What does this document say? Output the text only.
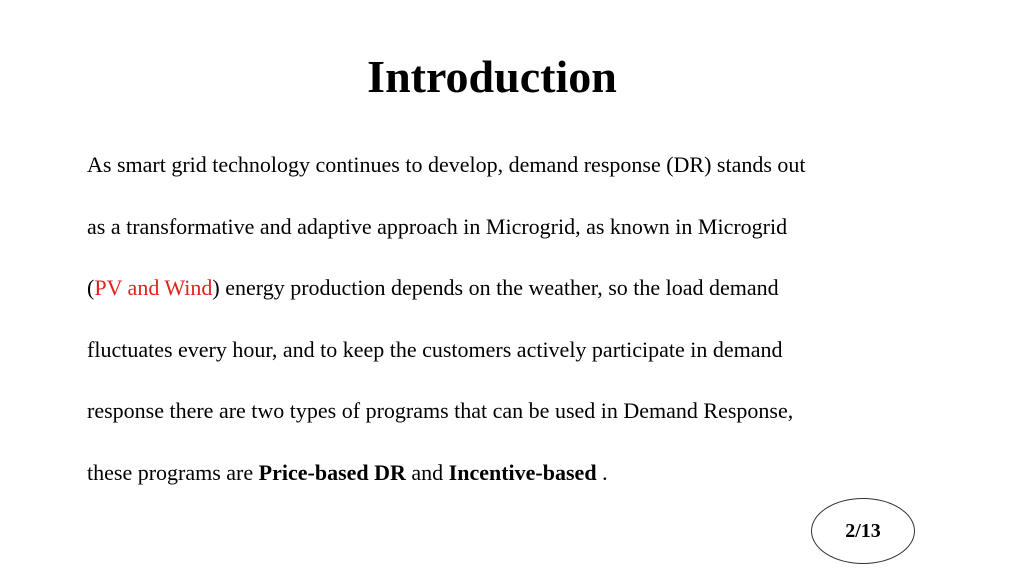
Introduction
As smart grid technology continues to develop, demand response (DR) stands out
as a transformative and adaptive approach in Microgrid, as known in Microgrid
(PV and Wind) energy production depends on the weather, so the load demand
fluctuates every hour, and to keep the customers actively participate in demand
response there are two types of programs that can be used in Demand Response,
these programs are Price-based DR and Incentive-based .
2/13
